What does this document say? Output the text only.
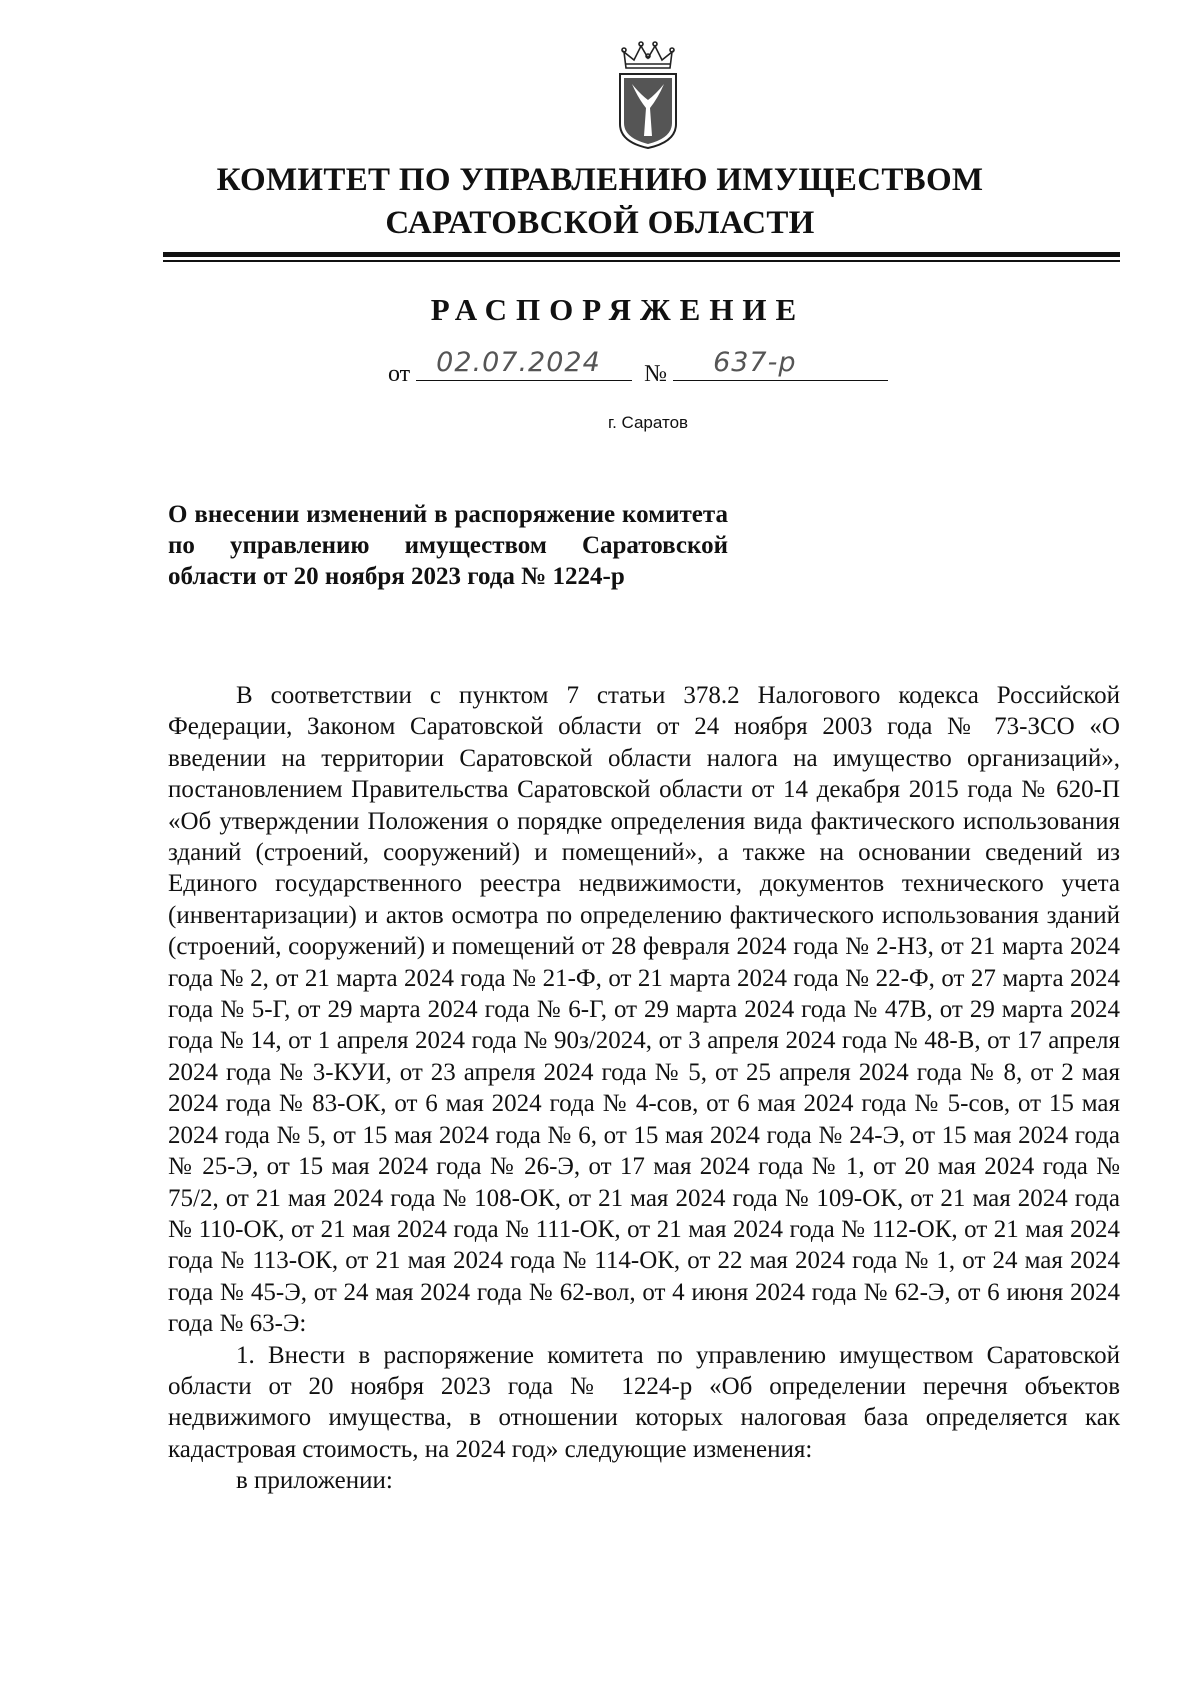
КОМИТЕТ ПО УПРАВЛЕНИЮ ИМУЩЕСТВОМ
САРАТОВСКОЙ ОБЛАСТИ
РАСПОРЯЖЕНИЕ
от 02.07.2024 № 637-р

г. Саратов

О внесении изменений в распоряжение комитета по управлению имуществом Саратовской области от 20 ноября 2023 года № 1224-р

В соответствии с пунктом 7 статьи 378.2 Налогового кодекса Российской Федерации, Законом Саратовской области от 24 ноября 2003 года № 73-ЗСО «О введении на территории Саратовской области налога на имущество организаций», постановлением Правительства Саратовской области от 14 декабря 2015 года № 620-П «Об утверждении Положения о порядке определения вида фактического использования зданий (строений, сооружений) и помещений», а также на основании сведений из Единого государственного реестра недвижимости, документов технического учета (инвентаризации) и актов осмотра по определению фактического использования зданий (строений, сооружений) и помещений от 28 февраля 2024 года № 2-НЗ, от 21 марта 2024 года № 2, от 21 марта 2024 года № 21-Ф, от 21 марта 2024 года № 22-Ф, от 27 марта 2024 года № 5-Г, от 29 марта 2024 года № 6-Г, от 29 марта 2024 года № 47В, от 29 марта 2024 года № 14, от 1 апреля 2024 года № 90з/2024, от 3 апреля 2024 года № 48-В, от 17 апреля 2024 года № 3-КУИ, от 23 апреля 2024 года № 5, от 25 апреля 2024 года № 8, от 2 мая 2024 года № 83-ОК, от 6 мая 2024 года № 4-сов, от 6 мая 2024 года № 5-сов, от 15 мая 2024 года № 5, от 15 мая 2024 года № 6, от 15 мая 2024 года № 24-Э, от 15 мая 2024 года № 25-Э, от 15 мая 2024 года № 26-Э, от 17 мая 2024 года № 1, от 20 мая 2024 года № 75/2, от 21 мая 2024 года № 108-ОК, от 21 мая 2024 года № 109-ОК, от 21 мая 2024 года № 110-ОК, от 21 мая 2024 года № 111-ОК, от 21 мая 2024 года № 112-ОК, от 21 мая 2024 года № 113-ОК, от 21 мая 2024 года № 114-ОК, от 22 мая 2024 года № 1, от 24 мая 2024 года № 45-Э, от 24 мая 2024 года № 62-вол, от 4 июня 2024 года № 62-Э, от 6 июня 2024 года № 63-Э:

1. Внести в распоряжение комитета по управлению имуществом Саратовской области от 20 ноября 2023 года № 1224-р «Об определении перечня объектов недвижимого имущества, в отношении которых налоговая база определяется как кадастровая стоимость, на 2024 год» следующие изменения:

в приложении:
